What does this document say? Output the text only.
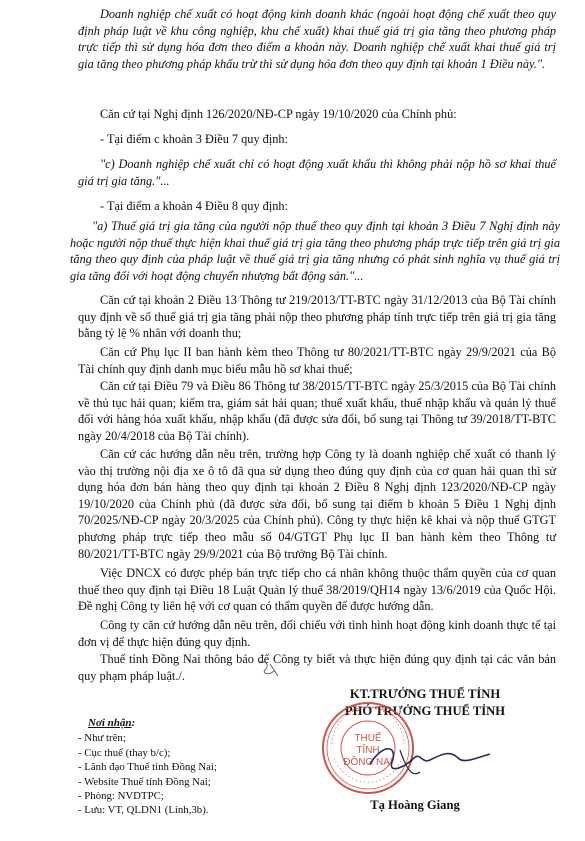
Doanh nghiệp chế xuất có hoạt động kinh doanh khác (ngoài hoạt động chế xuất theo quy định pháp luật về khu công nghiệp, khu chế xuất) khai thuế giá trị gia tăng theo phương pháp trực tiếp thì sử dụng hóa đơn theo điểm a khoản này. Doanh nghiệp chế xuất khai thuế giá trị gia tăng theo phương pháp khấu trừ thì sử dụng hóa đơn theo quy định tại khoản 1 Điều này.".

Căn cứ tại Nghị định 126/2020/NĐ-CP ngày 19/10/2020 của Chính phủ:

- Tại điểm c khoản 3 Điều 7 quy định:

"c) Doanh nghiệp chế xuất chỉ có hoạt động xuất khẩu thì không phải nộp hồ sơ khai thuế giá trị gia tăng."...

- Tại điểm a khoản 4 Điều 8 quy định:

"a) Thuế giá trị gia tăng của người nộp thuế theo quy định tại khoản 3 Điều 7 Nghị định này hoặc người nộp thuế thực hiện khai thuế giá trị gia tăng theo phương pháp trực tiếp trên giá trị gia tăng theo quy định của pháp luật về thuế giá trị gia tăng nhưng có phát sinh nghĩa vụ thuế giá trị gia tăng đối với hoạt động chuyển nhượng bất động sản."...

Căn cứ tại khoản 2 Điều 13 Thông tư 219/2013/TT-BTC ngày 31/12/2013 của Bộ Tài chính quy định về số thuế giá trị gia tăng phải nộp theo phương pháp tính trực tiếp trên giá trị gia tăng bằng tỷ lệ % nhân với doanh thu;

Căn cứ Phụ lục II ban hành kèm theo Thông tư 80/2021/TT-BTC ngày 29/9/2021 của Bộ Tài chính quy định danh mục biểu mẫu hồ sơ khai thuế;

Căn cứ tại Điều 79 và Điều 86 Thông tư 38/2015/TT-BTC ngày 25/3/2015 của Bộ Tài chính về thủ tục hải quan; kiểm tra, giám sát hải quan; thuế xuất khẩu, thuế nhập khẩu và quản lý thuế đối với hàng hóa xuất khẩu, nhập khẩu (đã được sửa đổi, bổ sung tại Thông tư 39/2018/TT-BTC ngày 20/4/2018 của Bộ Tài chính).

Căn cứ các hướng dẫn nêu trên, trường hợp Công ty là doanh nghiệp chế xuất có thanh lý vào thị trường nội địa xe ô tô đã qua sử dụng theo đúng quy định của cơ quan hải quan thì sử dụng hóa đơn bán hàng theo quy định tại khoản 2 Điều 8 Nghị định 123/2020/NĐ-CP ngày 19/10/2020 của Chính phủ (đã được sửa đổi, bổ sung tại điểm b khoản 5 Điều 1 Nghị định 70/2025/NĐ-CP ngày 20/3/2025 của Chính phủ). Công ty thực hiện kê khai và nộp thuế GTGT phương pháp trực tiếp theo mẫu số 04/GTGT Phụ lục II ban hành kèm theo Thông tư 80/2021/TT-BTC ngày 29/9/2021 của Bộ trưởng Bộ Tài chính.

Việc DNCX có được phép bán trực tiếp cho cá nhân không thuộc thẩm quyền của cơ quan thuế theo quy định tại Điều 18 Luật Quản lý thuế 38/2019/QH14 ngày 13/6/2019 của Quốc Hội. Đề nghị Công ty liên hệ với cơ quan có thẩm quyền để được hướng dẫn.

Công ty căn cứ hướng dẫn nêu trên, đối chiếu với tình hình hoạt động kinh doanh thực tế tại đơn vị để thực hiện đúng quy định.

Thuế tỉnh Đồng Nai thông báo để Công ty biết và thực hiện đúng quy định tại các văn bản quy phạm pháp luật./.

KT.TRƯỞNG THUẾ TỈNH
PHÓ TRƯỞNG THUẾ TỈNH
THUẾ
TỈNH
ĐỒNG NAI
Tạ Hoàng Giang
Nơi nhận:

- Như trên;

- Cục thuế (thay b/c);

- Lãnh đạo Thuế tỉnh Đồng Nai;

- Website Thuế tỉnh Đồng Nai;

- Phòng: NVDTPC;

- Lưu: VT, QLDN1 (Linh,3b).
